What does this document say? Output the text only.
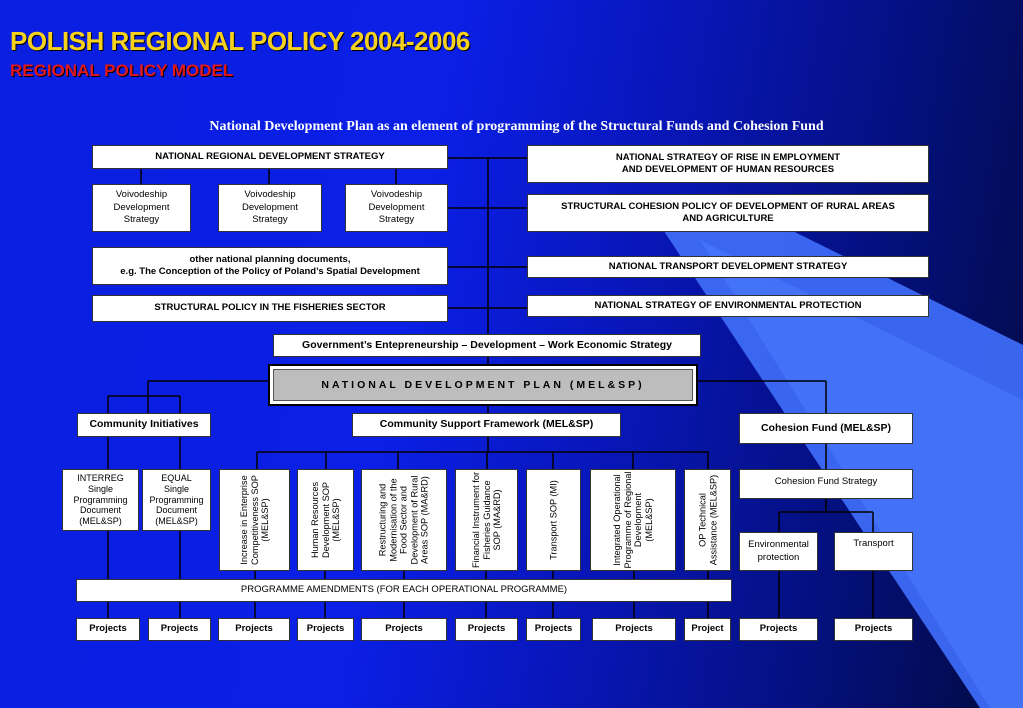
POLISH REGIONAL POLICY 2004-2006
REGIONAL POLICY MODEL
National Development Plan as an element of programming of the Structural Funds and Cohesion Fund
NATIONAL REGIONAL DEVELOPMENT STRATEGY
Voivodeship Development Strategy
Voivodeship Development Strategy
Voivodeship Development Strategy
other national planning documents,
e.g. The Conception of the Policy of Poland’s Spatial Development
STRUCTURAL POLICY IN THE FISHERIES SECTOR
NATIONAL STRATEGY OF RISE IN EMPLOYMENT
AND DEVELOPMENT OF HUMAN RESOURCES
STRUCTURAL COHESION POLICY OF DEVELOPMENT OF RURAL AREAS
AND AGRICULTURE
NATIONAL TRANSPORT DEVELOPMENT STRATEGY
NATIONAL STRATEGY OF ENVIRONMENTAL PROTECTION
Government’s Entepreneurship – Development – Work Economic Strategy
NATIONAL DEVELOPMENT PLAN (MEL&SP)
Community Initiatives	Community Support Framework (MEL&SP)	Cohesion Fund (MEL&SP)
INTERREG
Single
Programming
Document
(MEL&SP)
EQUAL
Single
Programming
Document
(MEL&SP)	Increase in Enterprise Competitiveness SOP (MEL&SP)	Human Resources Development SOP (MEL&SP)	Restructuring and Modernisation of the Food Sector and Development of Rural Areas SOP (MA&RD)	Financial Instrument for Fisheries Guidance SOP (MA&RD)	Transport SOP (MI)	Integrated Operational Programme of Regional Development (MEL&SP)	OP Technical Assistance (MEL&SP)	Cohesion Fund Strategy
Environmental
protection
Transport
PROGRAMME AMENDMENTS (FOR EACH OPERATIONAL PROGRAMME)
Projects	Projects	Projects	Projects	Projects	Projects	Projects	Projects	Project	Projects	Projects
